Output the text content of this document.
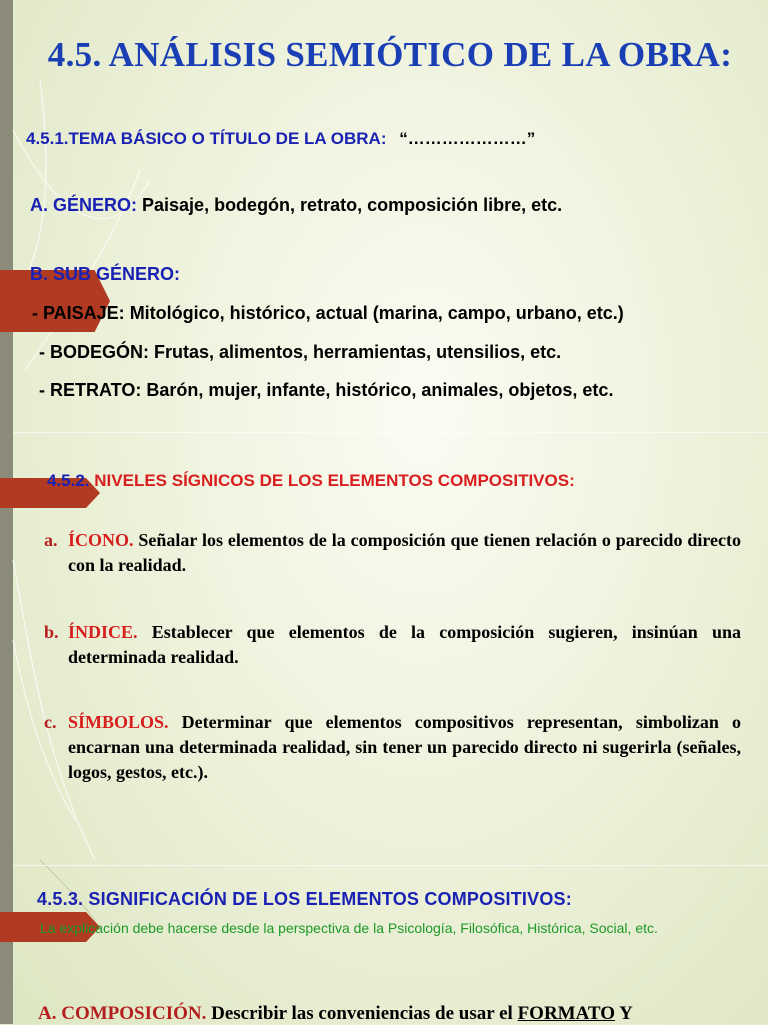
4.5. ANÁLISIS SEMIÓTICO DE LA OBRA:
4.5.1.TEMA BÁSICO O TÍTULO DE LA OBRA: “…………………”
A. GÉNERO: Paisaje, bodegón, retrato, composición libre, etc.
B. SUB GÉNERO:
- PAISAJE: Mitológico, histórico, actual (marina, campo, urbano, etc.)
- BODEGÓN: Frutas, alimentos, herramientas, utensilios, etc.
- RETRATO: Barón, mujer, infante, histórico, animales, objetos, etc.
4.5.2. NIVELES SÍGNICOS DE LOS ELEMENTOS COMPOSITIVOS:
a. ÍCONO. Señalar los elementos de la composición que tienen relación o parecido directo con la realidad.
b. ÍNDICE. Establecer que elementos de la composición sugieren, insinúan una determinada realidad.
c. SÍMBOLOS. Determinar que elementos compositivos representan, simbolizan o encarnan una determinada realidad, sin tener un parecido directo ni sugerirla (señales, logos, gestos, etc.).
4.5.3. SIGNIFICACIÓN DE LOS ELEMENTOS COMPOSITIVOS:
La explicación debe hacerse desde la perspectiva de la Psicología, Filosófica, Histórica, Social, etc.
A. COMPOSICIÓN. Describir las conveniencias de usar el FORMATO Y
